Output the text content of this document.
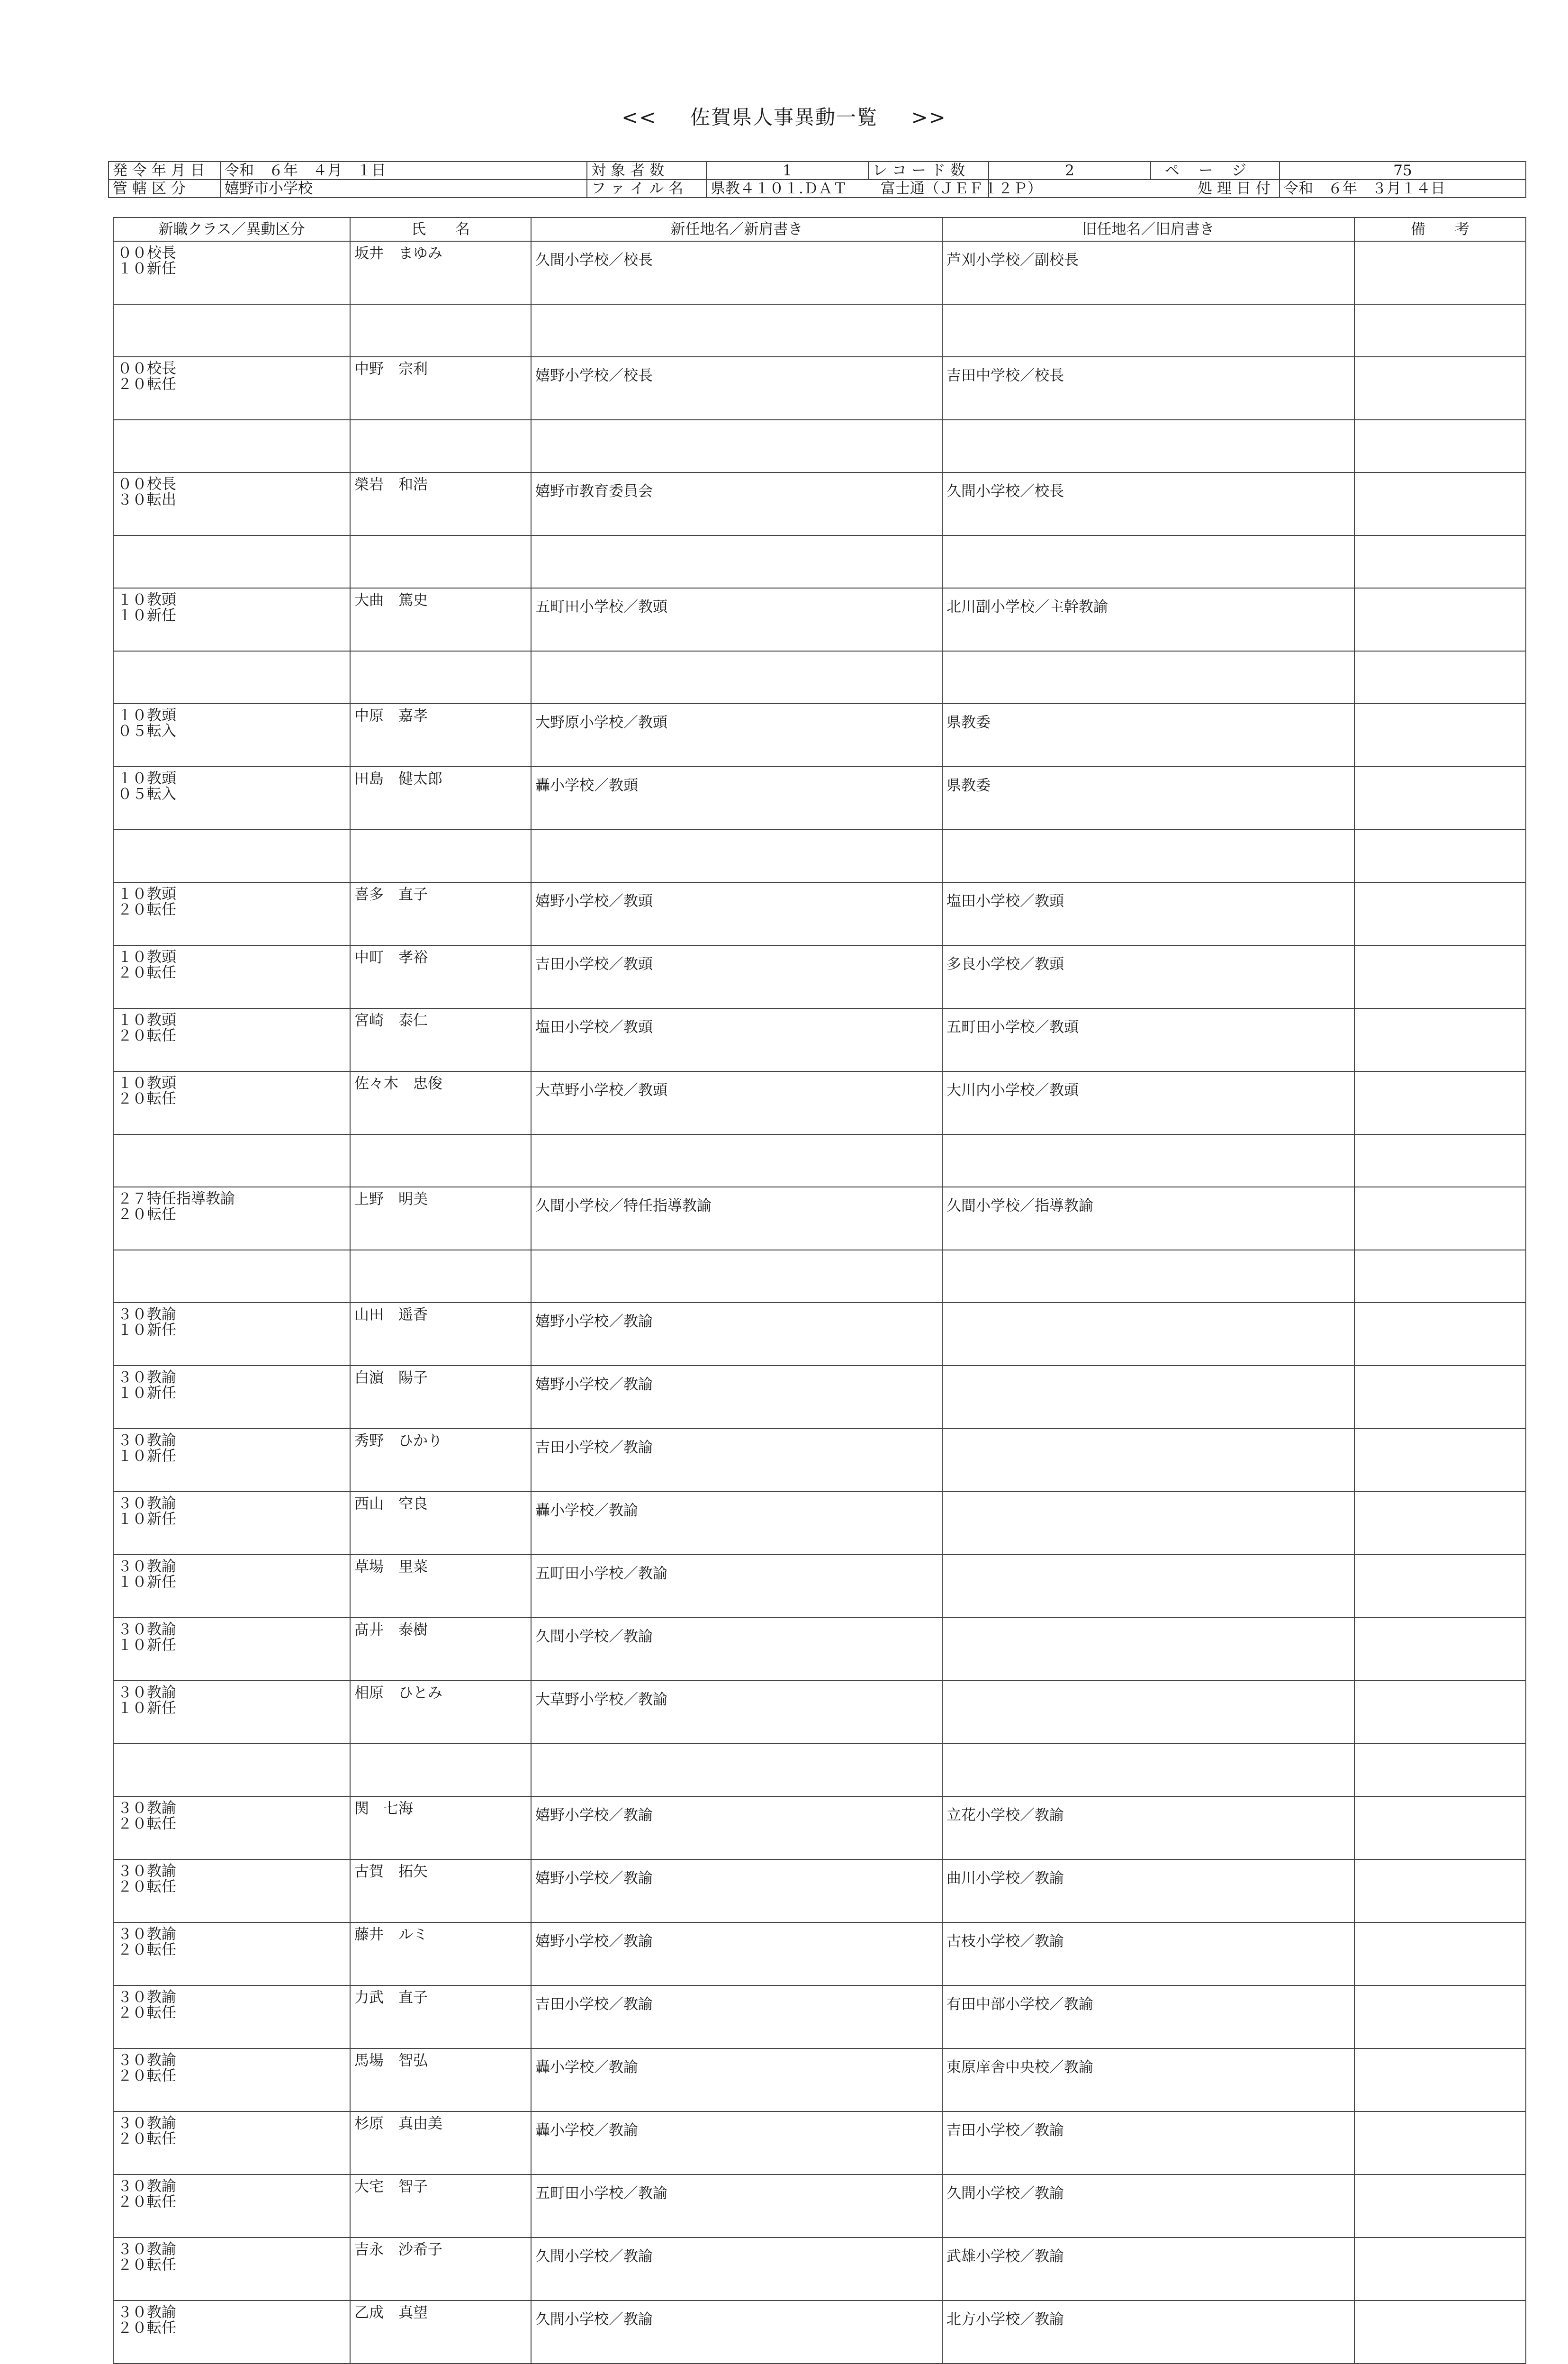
<< 佐賀県人事異動一覧 >>
発令年月日	令和　６年　４月　１日	対象者数	1	レコード数	2	ページ	75
管轄区分	嬉野市小学校	ファイル名	県教４１０１.ＤＡＴ 富士通（ＪＥＦ１２Ｐ）		処理日付		令和　６年　３月１４日
新職クラス／異動区分	氏　　名	新任地名／新肩書き	旧任地名／旧肩書き	備　　考

００校長
１０新任	坂井　まゆみ	久間小学校／校長	芦刈小学校／副校長	

００校長
２０転任	中野　宗利	嬉野小学校／校長	吉田中学校／校長	

００校長
３０転出	榮岩　和浩	嬉野市教育委員会	久間小学校／校長	

１０教頭
１０新任	大曲　篤史	五町田小学校／教頭	北川副小学校／主幹教諭	

１０教頭
０５転入	中原　嘉孝	大野原小学校／教頭	県教委	

１０教頭
０５転入	田島　健太郎	轟小学校／教頭	県教委	

１０教頭
２０転任	喜多　直子	嬉野小学校／教頭	塩田小学校／教頭	

１０教頭
２０転任	中町　孝裕	吉田小学校／教頭	多良小学校／教頭	

１０教頭
２０転任	宮崎　泰仁	塩田小学校／教頭	五町田小学校／教頭	

１０教頭
２０転任	佐々木　忠俊	大草野小学校／教頭	大川内小学校／教頭	

２７特任指導教諭
２０転任	上野　明美	久間小学校／特任指導教諭	久間小学校／指導教諭	

３０教諭
１０新任	山田　遥香	嬉野小学校／教諭		

３０教諭
１０新任	白濵　陽子	嬉野小学校／教諭		

３０教諭
１０新任	秀野　ひかり	吉田小学校／教諭		

３０教諭
１０新任	西山　空良	轟小学校／教諭		

３０教諭
１０新任	草場　里菜	五町田小学校／教諭		

３０教諭
１０新任	髙井　泰樹	久間小学校／教諭		

３０教諭
１０新任	相原　ひとみ	大草野小学校／教諭		

３０教諭
２０転任	関　七海	嬉野小学校／教諭	立花小学校／教諭	

３０教諭
２０転任	古賀　拓矢	嬉野小学校／教諭	曲川小学校／教諭	

３０教諭
２０転任	藤井　ルミ	嬉野小学校／教諭	古枝小学校／教諭	

３０教諭
２０転任	力武　直子	吉田小学校／教諭	有田中部小学校／教諭	

３０教諭
２０転任	馬場　智弘	轟小学校／教諭	東原庠舎中央校／教諭	

３０教諭
２０転任	杉原　真由美	轟小学校／教諭	吉田小学校／教諭	

３０教諭
２０転任	大宅　智子	五町田小学校／教諭	久間小学校／教諭	

３０教諭
２０転任	吉永　沙希子	久間小学校／教諭	武雄小学校／教諭	

３０教諭
２０転任	乙成　真望	久間小学校／教諭	北方小学校／教諭	
